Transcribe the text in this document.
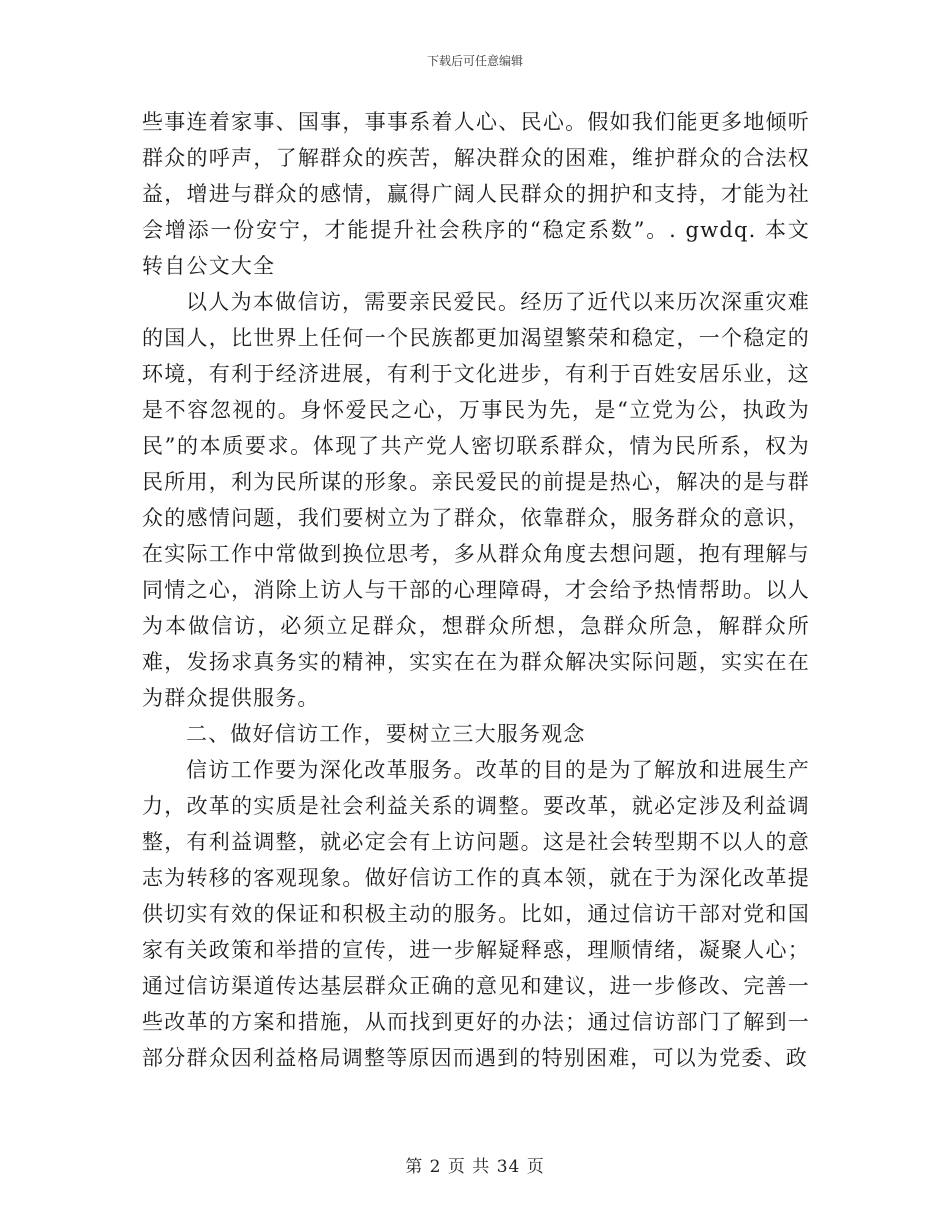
下载后可任意编辑

些事连着家事、国事，事事系着人心、民心。假如我们能更多地倾听群众的呼声，了解群众的疾苦，解决群众的困难，维护群众的合法权益，增进与群众的感情，赢得广阔人民群众的拥护和支持，才能为社会增添一份安宁，才能提升社会秩序的“稳定系数”。. gwdq. 本文转自公文大全

以人为本做信访，需要亲民爱民。经历了近代以来历次深重灾难的国人，比世界上任何一个民族都更加渴望繁荣和稳定，一个稳定的环境，有利于经济进展，有利于文化进步，有利于百姓安居乐业，这是不容忽视的。身怀爱民之心，万事民为先，是“立党为公，执政为民”的本质要求。体现了共产党人密切联系群众，情为民所系，权为民所用，利为民所谋的形象。亲民爱民的前提是热心，解决的是与群众的感情问题，我们要树立为了群众，依靠群众，服务群众的意识，在实际工作中常做到换位思考，多从群众角度去想问题，抱有理解与同情之心，消除上访人与干部的心理障碍，才会给予热情帮助。以人为本做信访，必须立足群众，想群众所想，急群众所急，解群众所难，发扬求真务实的精神，实实在在为群众解决实际问题，实实在在为群众提供服务。

二、做好信访工作，要树立三大服务观念

信访工作要为深化改革服务。改革的目的是为了解放和进展生产力，改革的实质是社会利益关系的调整。要改革，就必定涉及利益调整，有利益调整，就必定会有上访问题。这是社会转型期不以人的意志为转移的客观现象。做好信访工作的真本领，就在于为深化改革提供切实有效的保证和积极主动的服务。比如，通过信访干部对党和国家有关政策和举措的宣传，进一步解疑释惑，理顺情绪，凝聚人心；通过信访渠道传达基层群众正确的意见和建议，进一步修改、完善一些改革的方案和措施，从而找到更好的办法；通过信访部门了解到一部分群众因利益格局调整等原因而遇到的特别困难，可以为党委、政

第 2 页 共 34 页
